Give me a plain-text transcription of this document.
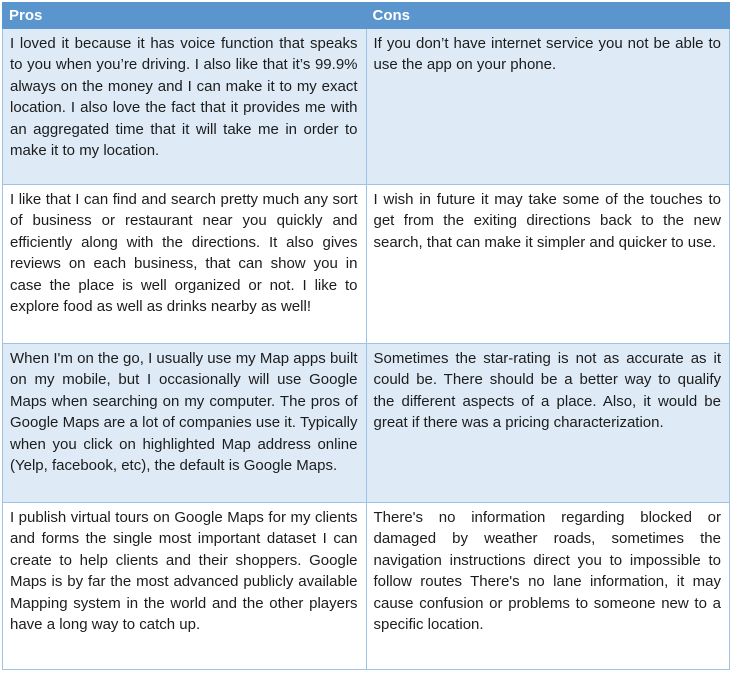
Pros	Cons
I loved it because it has voice function that speaks to you when you’re driving. I also like that it’s 99.9% always on the money and I can make it to my exact location. I also love the fact that it provides me with an aggregated time that it will take me in order to make it to my location.	If you don’t have internet service you not be able to use the app on your phone.
I like that I can find and search pretty much any sort of business or restaurant near you quickly and efficiently along with the directions. It also gives reviews on each business, that can show you in case the place is well organized or not. I like to explore food as well as drinks nearby as well!	I wish in future it may take some of the touches to get from the exiting directions back to the new search, that can make it simpler and quicker to use.
When I'm on the go, I usually use my Map apps built on my mobile, but I occasionally will use Google Maps when searching on my computer. The pros of Google Maps are a lot of companies use it. Typically when you click on highlighted Map address online (Yelp, facebook, etc), the default is Google Maps.	Sometimes the star-rating is not as accurate as it could be. There should be a better way to qualify the different aspects of a place. Also, it would be great if there was a pricing characterization.
I publish virtual tours on Google Maps for my clients and forms the single most important dataset I can create to help clients and their shoppers. Google Maps is by far the most advanced publicly available Mapping system in the world and the other players have a long way to catch up.	There's no information regarding blocked or damaged by weather roads, sometimes the navigation instructions direct you to impossible to follow routes There's no lane information, it may cause confusion or problems to someone new to a specific location.
